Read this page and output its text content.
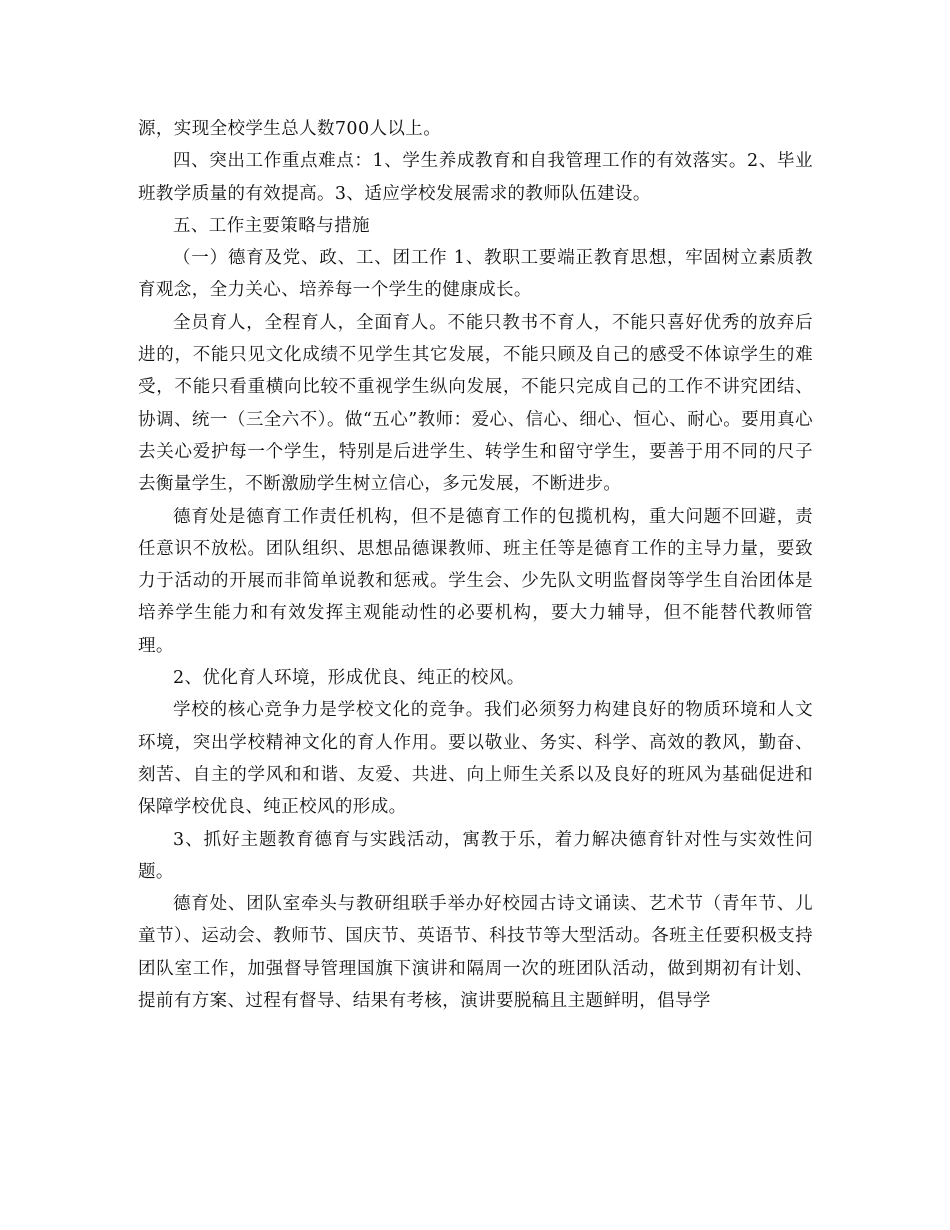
源，实现全校学生总人数700人以上。

四、突出工作重点难点：1、学生养成教育和自我管理工作的有效落实。2、毕业班教学质量的有效提高。3、适应学校发展需求的教师队伍建设。

五、工作主要策略与措施

（一）德育及党、政、工、团工作 1、教职工要端正教育思想，牢固树立素质教育观念，全力关心、培养每一个学生的健康成长。

全员育人，全程育人，全面育人。不能只教书不育人，不能只喜好优秀的放弃后进的，不能只见文化成绩不见学生其它发展，不能只顾及自己的感受不体谅学生的难受，不能只看重横向比较不重视学生纵向发展，不能只完成自己的工作不讲究团结、协调、统一（三全六不）。做“五心”教师：爱心、信心、细心、恒心、耐心。要用真心去关心爱护每一个学生，特别是后进学生、转学生和留守学生，要善于用不同的尺子去衡量学生，不断激励学生树立信心，多元发展，不断进步。

德育处是德育工作责任机构，但不是德育工作的包揽机构，重大问题不回避，责任意识不放松。团队组织、思想品德课教师、班主任等是德育工作的主导力量，要致力于活动的开展而非简单说教和惩戒。学生会、少先队文明监督岗等学生自治团体是培养学生能力和有效发挥主观能动性的必要机构，要大力辅导，但不能替代教师管理。

2、优化育人环境，形成优良、纯正的校风。

学校的核心竞争力是学校文化的竞争。我们必须努力构建良好的物质环境和人文环境，突出学校精神文化的育人作用。要以敬业、务实、科学、高效的教风，勤奋、刻苦、自主的学风和和谐、友爱、共进、向上师生关系以及良好的班风为基础促进和保障学校优良、纯正校风的形成。

3、抓好主题教育德育与实践活动，寓教于乐，着力解决德育针对性与实效性问题。

德育处、团队室牵头与教研组联手举办好校园古诗文诵读、艺术节（青年节、儿童节）、运动会、教师节、国庆节、英语节、科技节等大型活动。各班主任要积极支持团队室工作，加强督导管理国旗下演讲和隔周一次的班团队活动，做到期初有计划、提前有方案、过程有督导、结果有考核，演讲要脱稿且主题鲜明，倡导学
